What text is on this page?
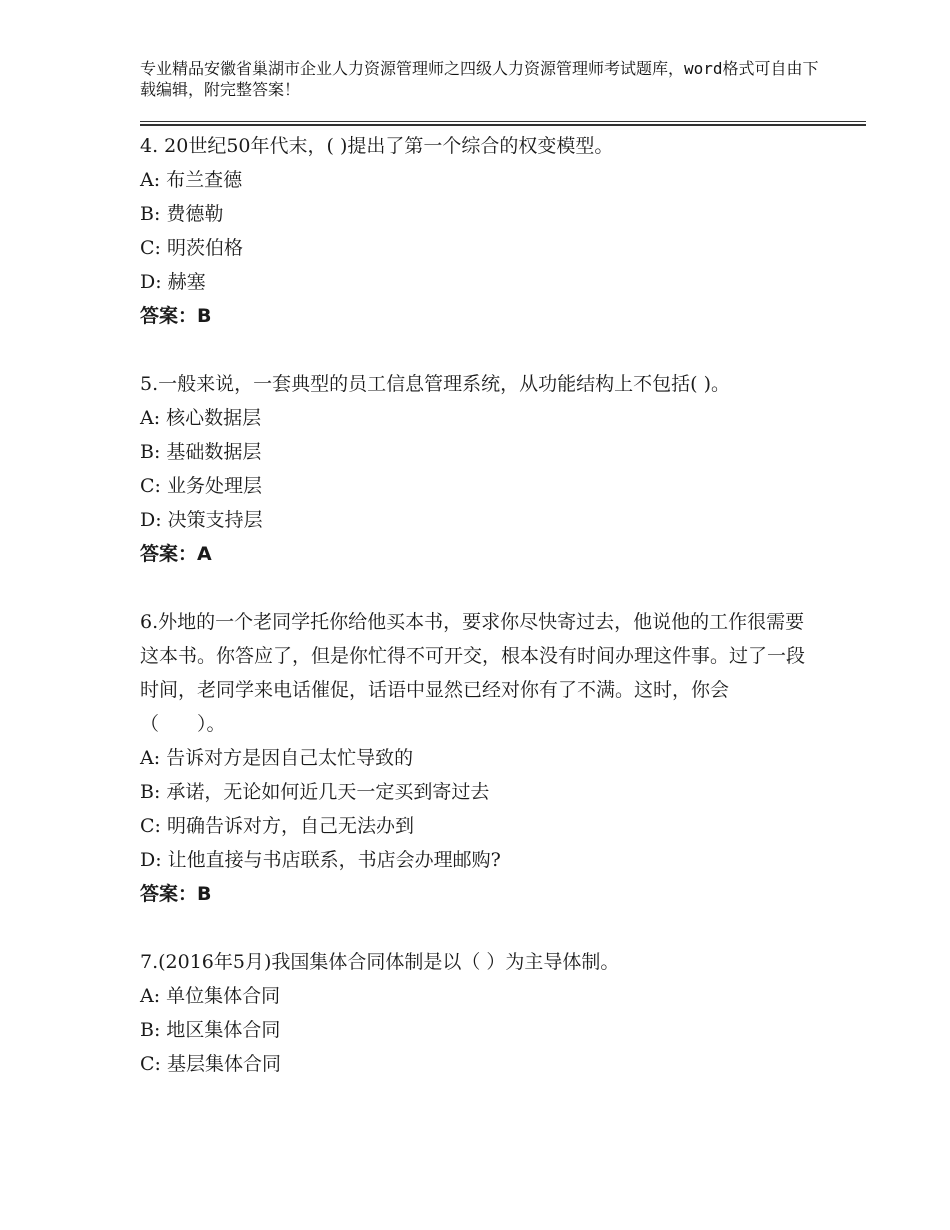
专业精品安徽省巢湖市企业人力资源管理师之四级人力资源管理师考试题库，word格式可自由下载编辑，附完整答案！

4. 20世纪50年代末，( )提出了第一个综合的权变模型。

A: 布兰查德

B: 费德勒

C: 明茨伯格

D: 赫塞

答案：B

5.一般来说，一套典型的员工信息管理系统，从功能结构上不包括( )。

A: 核心数据层

B: 基础数据层

C: 业务处理层

D: 决策支持层

答案：A

6.外地的一个老同学托你给他买本书，要求你尽快寄过去，他说他的工作很需要这本书。你答应了，但是你忙得不可开交，根本没有时间办理这件事。过了一段时间，老同学来电话催促，话语中显然已经对你有了不满。这时，你会（　　）。

A: 告诉对方是因自己太忙导致的

B: 承诺，无论如何近几天一定买到寄过去

C: 明确告诉对方，自己无法办到

D: 让他直接与书店联系，书店会办理邮购?

答案：B

7.(2016年5月)我国集体合同体制是以（ ）为主导体制。

A: 单位集体合同

B: 地区集体合同

C: 基层集体合同
